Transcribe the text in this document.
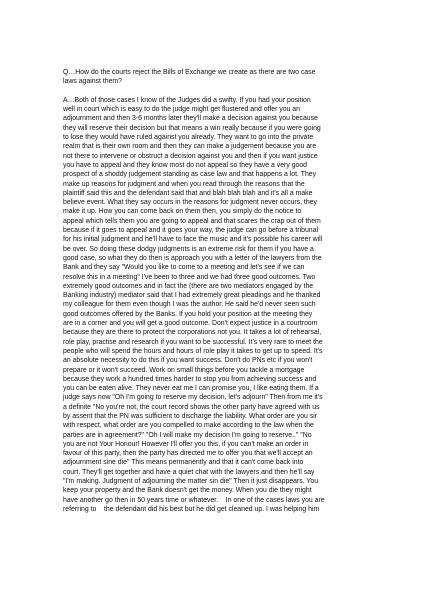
Q…How do the courts reject the Bills of Exchange we create as there are two case
laws against them?
A…Both of those cases I know of the Judges did a swifty. If you had your position
well in court which is easy to do the judge might get flustered and offer you an
adjournment and then 3-6 months later they'll make a decision against you because
they will reserve their decision but that means a win really because if you were going
to lose they would have ruled against you already. They want to go into the private
realm that is their own room and then they can make a judgement because you are
not there to intervene or obstruct a decision against you and then if you want justice
you have to appeal and they know most do not appeal so they have a very good
prospect of a shoddy judgement standing as case law and that happens a lot. They
make up reasons for judgment and when you read through the reasons that the
plaintiff said this and the defendant said that and blah blah blah and it's all a make
believe event. What they say occurs in the reasons for judgment never occurs, they
make it up. How you can come back on them then, you simply do the notice to
appeal which tells them you are going to appeal and that scares the crap out of them
because if it goes to appeal and it goes your way, the judge can go before a tribunal
for his initial judgment and he'll have to face the music and it's possible his career will
be over. So doing these dodgy judgments is an extreme risk for them if you have a
good case, so what they do then is approach you with a letter of the lawyers from the
Bank and they say "Would you like to come to a meeting and let's see if we can
resolve this in a meeting" I've been to three and we had three good outcomes. Two
extremely good outcomes and in fact the (there are two mediators engaged by the
Banking industry) mediator said that I had extremely great pleadings and he thanked
my colleague for them even though I was the author. He said he'd never seen such
good outcomes offered by the Banks. If you hold your position at the meeting they
are in a corner and you will get a good outcome. Don't expect justice in a courtroom
because they are there to protect the corporations not you. It takes a lot of rehearsal,
role play, practise and research if you want to be successful. It's very rare to meet the
people who will spend the hours and hours of role play it takes to get up to speed. It's
an absolute necessity to do this if you want success. Don't do PNs etc if you won't
prepare or it won't succeed. Work on small things before you tackle a mortgage
because they work a hundred times harder to stop you from achieving success and
you can be eaten alive. They never eat me I can promise you, I like eating them. If a
judge says now "Oh I'm going to reserve my decision, let's adjourn" Then from me it's
a definite "No you're not, the court record shows the other party have agreed with us
by assent that the PN was sufficient to discharge the liability. What order are you sir
with respect, what order are you compelled to make according to the law when the
parties are in agreement?" "Oh I will make my decision I'm going to reserve.." "No
you are not Your Honour! However I'll offer you this, if you can't make an order in
favour of this party, then the party has directed me to offer you that we'll accept an
adjournment sine die" This means permanently and that it can't come back into
court. They'll get together and have a quiet chat with the lawyers and then he'll say
"I'm making. Judgment of adjourning the matter sin die" Then it just disappears. You
keep your property and the Bank doesn't get the money. When you die they might
have another go then in 50 years time or whatever.    In one of the cases laws you are
referring to    the defendant did his best but he did get cleaned up. I was helping him
